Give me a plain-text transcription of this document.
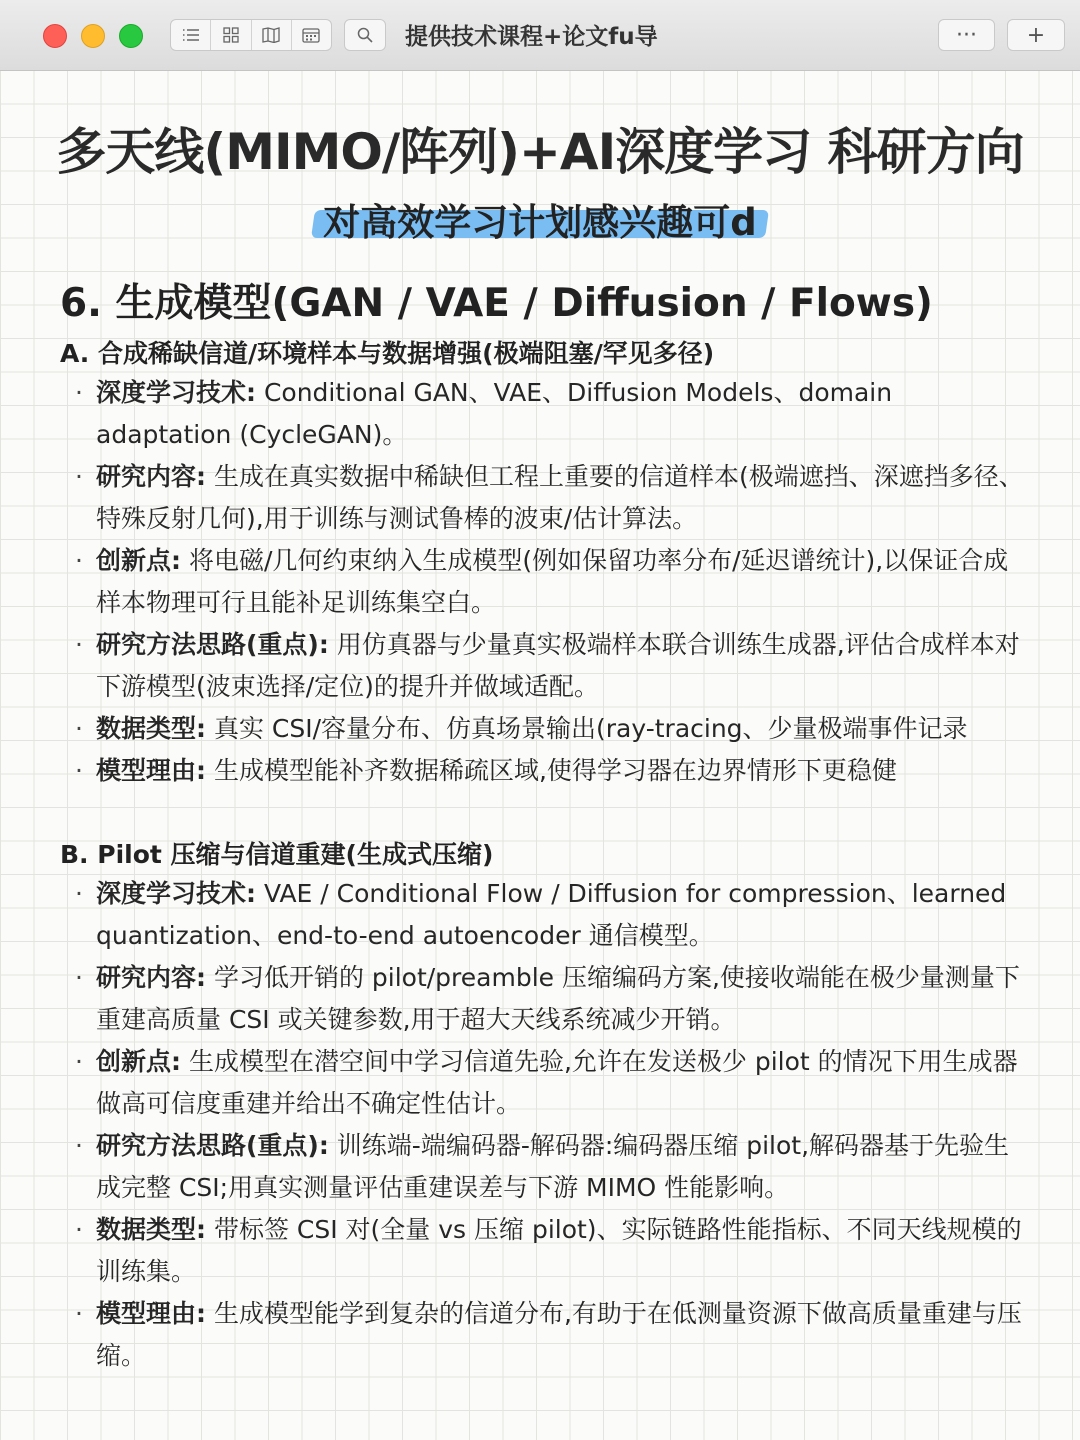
提供技术课程+论文fu导	···	+
多天线(MIMO/阵列)+AI深度学习 科研方向
对高效学习计划感兴趣可d
6. 生成模型(GAN / VAE / Diffusion / Flows)
A. 合成稀缺信道/环境样本与数据增强(极端阻塞/罕见多径)
· 深度学习技术: Conditional GAN、VAE、Diffusion Models、domain adaptation (CycleGAN)。
· 研究内容: 生成在真实数据中稀缺但工程上重要的信道样本(极端遮挡、深遮挡多径、特殊反射几何),用于训练与测试鲁棒的波束/估计算法。
· 创新点: 将电磁/几何约束纳入生成模型(例如保留功率分布/延迟谱统计),以保证合成样本物理可行且能补足训练集空白。
· 研究方法思路(重点): 用仿真器与少量真实极端样本联合训练生成器,评估合成样本对下游模型(波束选择/定位)的提升并做域适配。
· 数据类型: 真实 CSI/容量分布、仿真场景输出(ray-tracing、少量极端事件记录
· 模型理由: 生成模型能补齐数据稀疏区域,使得学习器在边界情形下更稳健
B. Pilot 压缩与信道重建(生成式压缩)
· 深度学习技术: VAE / Conditional Flow / Diffusion for compression、learned quantization、end-to-end autoencoder 通信模型。
· 研究内容: 学习低开销的 pilot/preamble 压缩编码方案,使接收端能在极少量测量下重建高质量 CSI 或关键参数,用于超大天线系统减少开销。
· 创新点: 生成模型在潜空间中学习信道先验,允许在发送极少 pilot 的情况下用生成器做高可信度重建并给出不确定性估计。
· 研究方法思路(重点): 训练端-端编码器-解码器:编码器压缩 pilot,解码器基于先验生成完整 CSI;用真实测量评估重建误差与下游 MIMO 性能影响。
· 数据类型: 带标签 CSI 对(全量 vs 压缩 pilot)、实际链路性能指标、不同天线规模的训练集。
· 模型理由: 生成模型能学到复杂的信道分布,有助于在低测量资源下做高质量重建与压缩。
